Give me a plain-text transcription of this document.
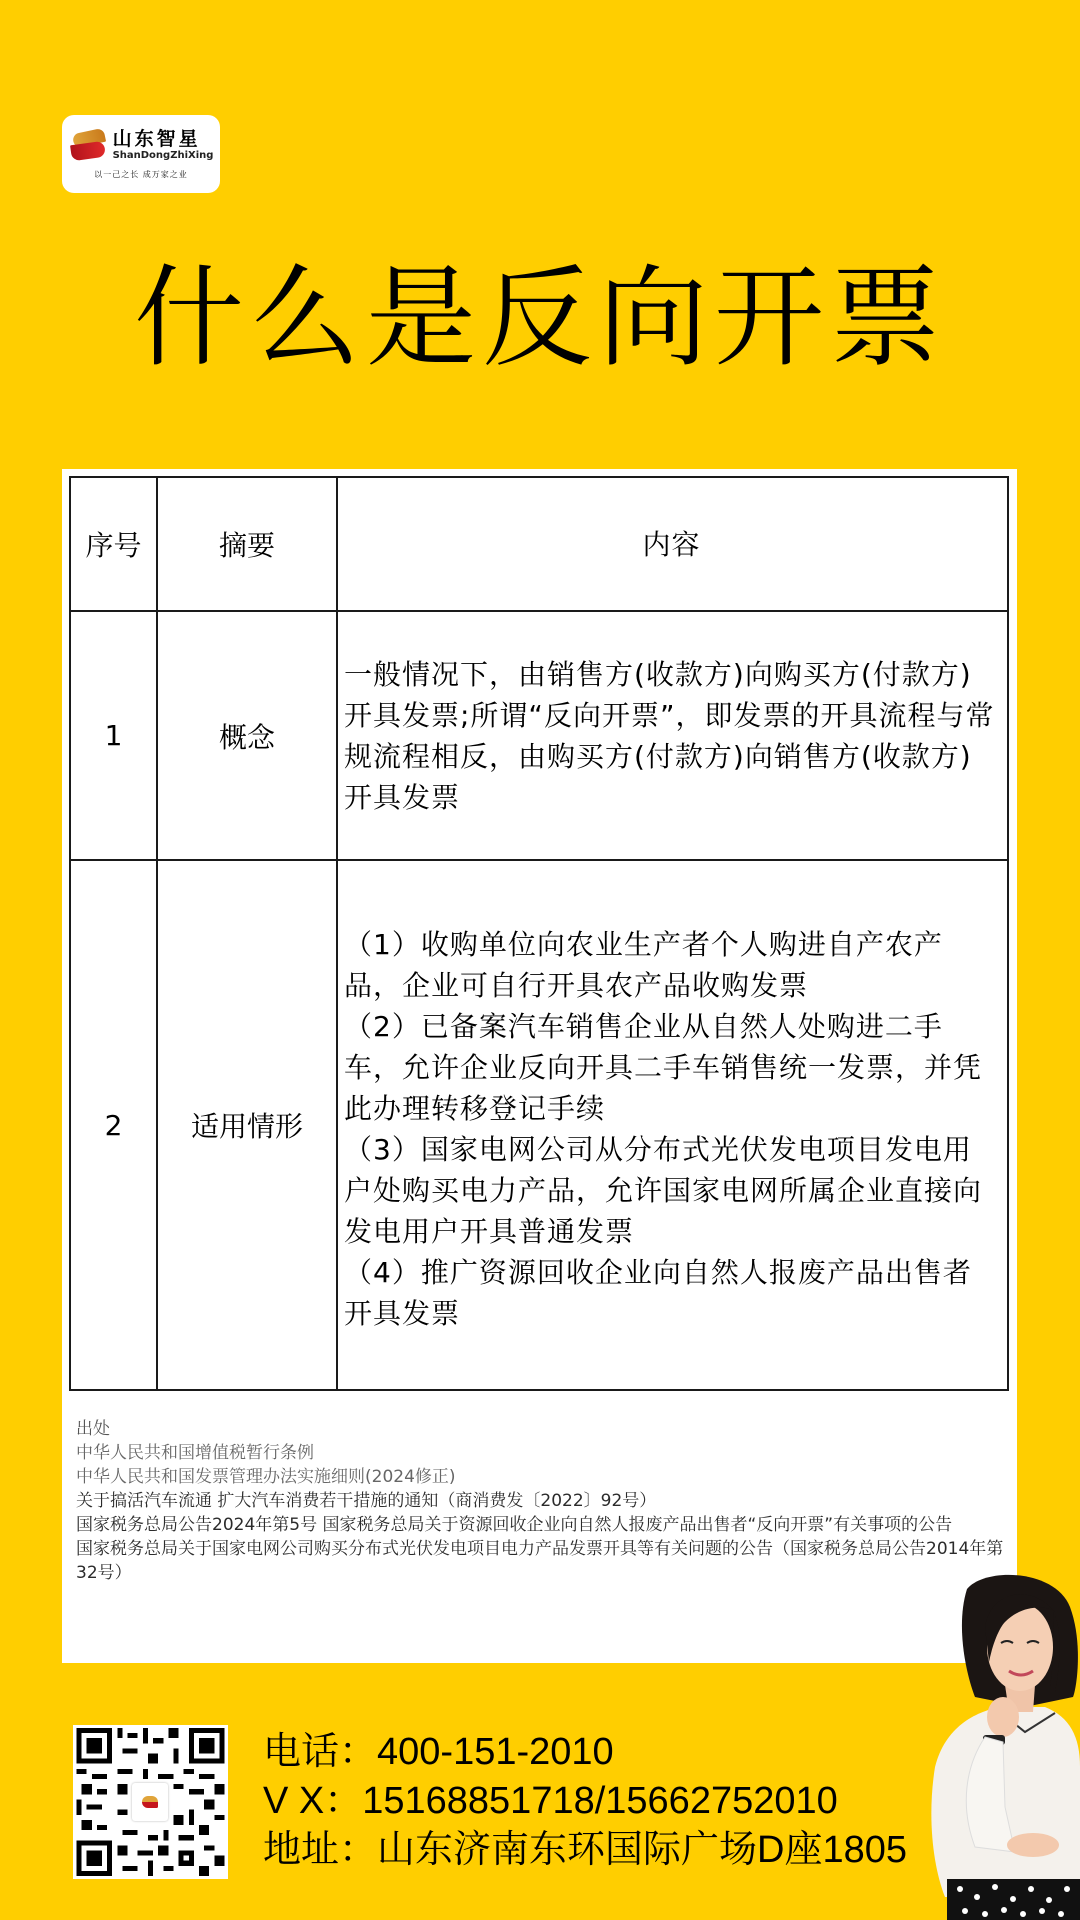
山东智星
ShanDongZhiXing
以一己之长 成万家之业
什么是反向开票
序号	摘要	内容
1	概念	一般情况下，由销售方(收款方)向购买方(付款方)开具发票;所谓“反向开票”，即发票的开具流程与常规流程相反，由购买方(付款方)向销售方(收款方)开具发票
2	适用情形	（1）收购单位向农业生产者个人购进自产农产品，企业可自行开具农产品收购发票
（2）已备案汽车销售企业从自然人处购进二手车，允许企业反向开具二手车销售统一发票，并凭此办理转移登记手续
（3）国家电网公司从分布式光伏发电项目发电用户处购买电力产品，允许国家电网所属企业直接向发电用户开具普通发票
（4）推广资源回收企业向自然人报废产品出售者开具发票
出处
中华人民共和国增值税暂行条例
中华人民共和国发票管理办法实施细则(2024修正)
关于搞活汽车流通 扩大汽车消费若干措施的通知（商消费发〔2022〕92号）
国家税务总局公告2024年第5号 国家税务总局关于资源回收企业向自然人报废产品出售者“反向开票”有关事项的公告
国家税务总局关于国家电网公司购买分布式光伏发电项目电力产品发票开具等有关问题的公告（国家税务总局公告2014年第32号）
电话：400-151-2010
V X：15168851718/15662752010
地址：山东济南东环国际广场D座1805
